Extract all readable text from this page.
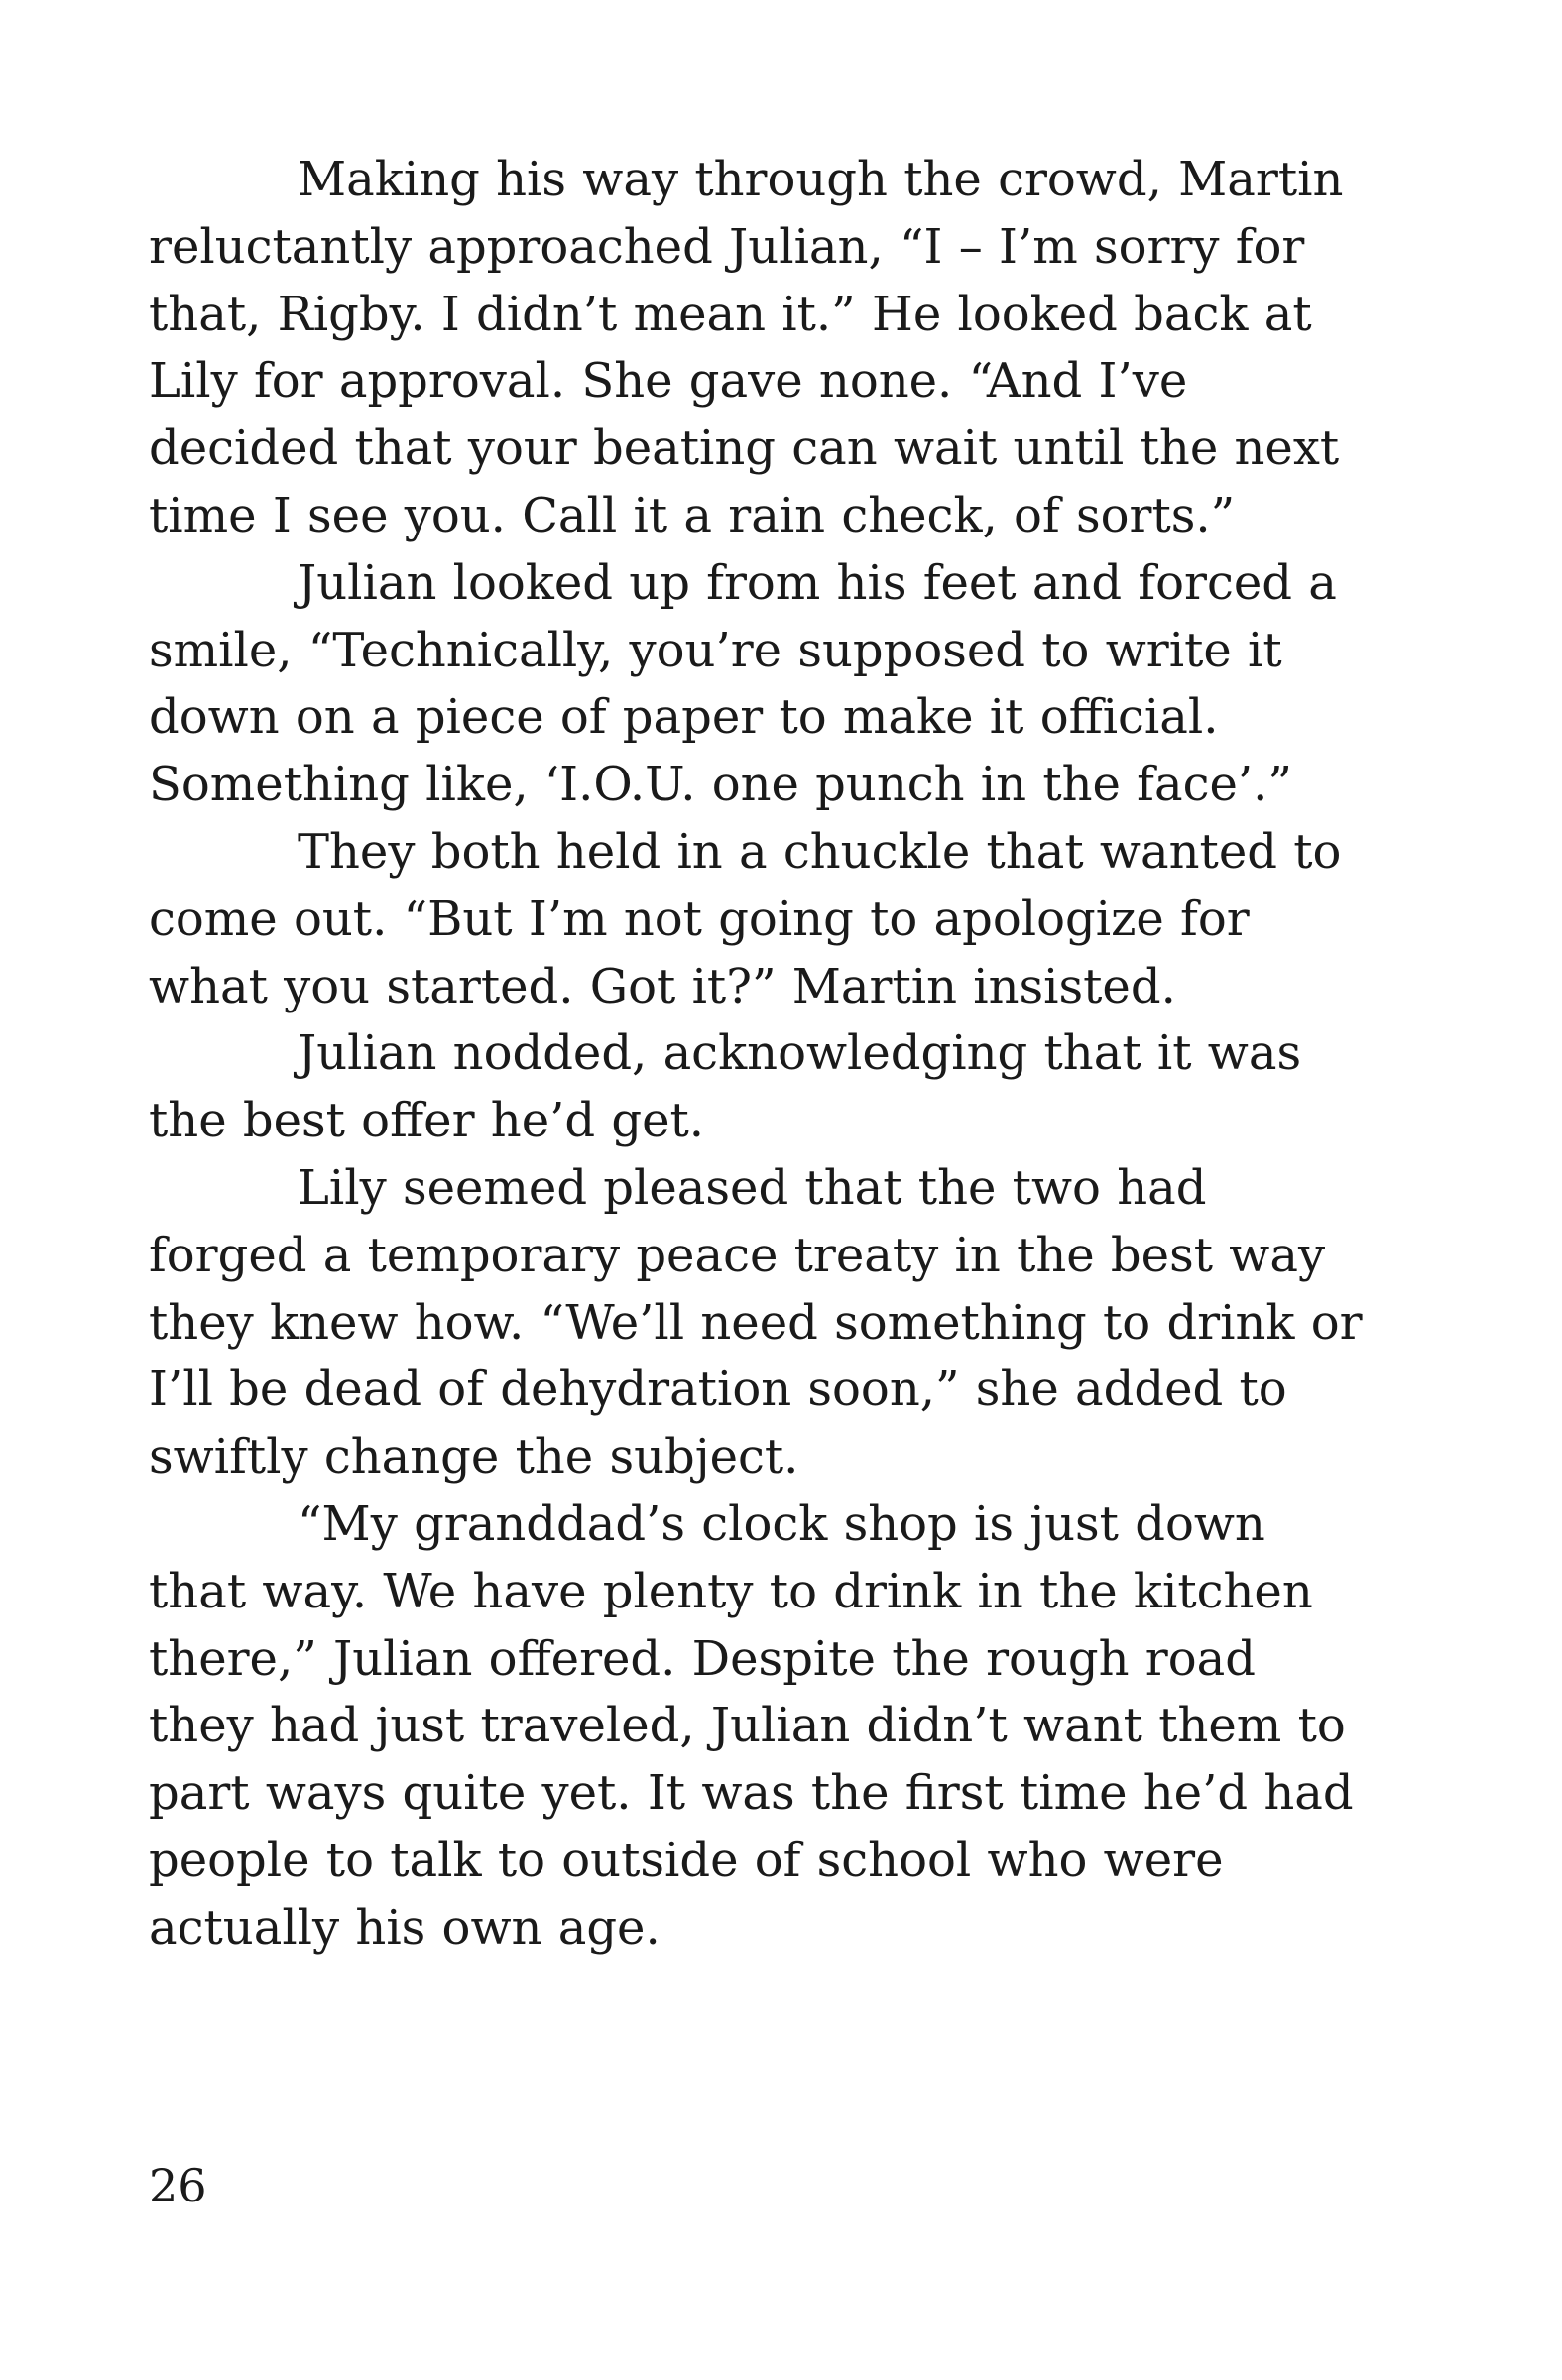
Making his way through the crowd, Martin reluctantly approached Julian, “I – I’m sorry for that, Rigby. I didn’t mean it.” He looked back at Lily for approval. She gave none. “And I’ve decided that your beating can wait until the next time I see you. Call it a rain check, of sorts.”

Julian looked up from his feet and forced a smile, “Technically, you’re supposed to write it down on a piece of paper to make it official. Something like, ‘I.O.U. one punch in the face’.”

They both held in a chuckle that wanted to come out. “But I’m not going to apologize for what you started. Got it?” Martin insisted.

Julian nodded, acknowledging that it was the best offer he’d get.

Lily seemed pleased that the two had forged a temporary peace treaty in the best way they knew how. “We’ll need something to drink or I’ll be dead of dehydration soon,” she added to swiftly change the subject.

“My granddad’s clock shop is just down that way. We have plenty to drink in the kitchen there,” Julian offered. Despite the rough road they had just traveled, Julian didn’t want them to part ways quite yet. It was the first time he’d had people to talk to outside of school who were actually his own age.

26
